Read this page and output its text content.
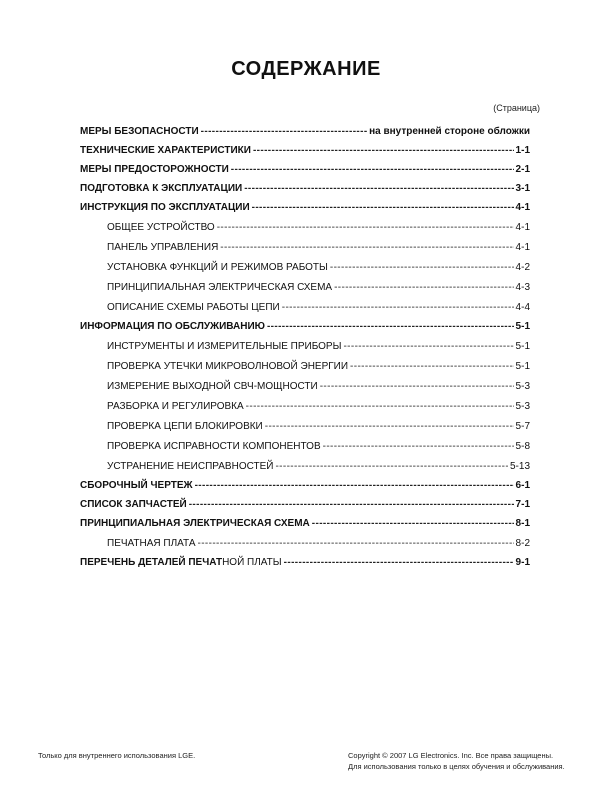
СОДЕРЖАНИЕ
(Страница)
МЕРЫ БЕЗОПАСНОСТИ - - -	на внутренней стороне обложки
ТЕХНИЧЕСКИЕ ХАРАКТЕРИСТИКИ - - -	1-1
МЕРЫ ПРЕДОСТОРОЖНОСТИ - - -	2-1
ПОДГОТОВКА К ЭКСПЛУАТАЦИИ - - -	3-1
ИНСТРУКЦИЯ ПО ЭКСПЛУАТАЦИИ - - -	4-1
ОБЩЕЕ УСТРОЙСТВО - - -	4-1
ПАНЕЛЬ УПРАВЛЕНИЯ - - -	4-1
УСТАНОВКА ФУНКЦИЙ И РЕЖИМОВ РАБОТЫ - - -	4-2
ПРИНЦИПИАЛЬНАЯ ЭЛЕКТРИЧЕСКАЯ СХЕМА - - -	4-3
ОПИСАНИЕ СХЕМЫ РАБОТЫ ЦЕПИ - - -	4-4
ИНФОРМАЦИЯ ПО ОБСЛУЖИВАНИЮ - - -	5-1
ИНСТРУМЕНТЫ И ИЗМЕРИТЕЛЬНЫЕ ПРИБОРЫ - - -	5-1
ПРОВЕРКА УТЕЧКИ МИКРОВОЛНОВОЙ ЭНЕРГИИ - - -	5-1
ИЗМЕРЕНИЕ ВЫХОДНОЙ СВЧ-МОЩНОСТИ - - -	5-3
РАЗБОРКА И РЕГУЛИРОВКА - - -	5-3
ПРОВЕРКА ЦЕПИ БЛОКИРОВКИ - - -	5-7
ПРОВЕРКА ИСПРАВНОСТИ КОМПОНЕНТОВ - - -	5-8
УСТРАНЕНИЕ НЕИСПРАВНОСТЕЙ - - -	5-13
СБОРОЧНЫЙ ЧЕРТЕЖ - - -	6-1
СПИСОК ЗАПЧАСТЕЙ - - -	7-1
ПРИНЦИПИАЛЬНАЯ ЭЛЕКТРИЧЕСКАЯ СХЕМА - - -	8-1
ПЕЧАТНАЯ ПЛАТА - - -	8-2
ПЕРЕЧЕНЬ ДЕТАЛЕЙ ПЕЧАТНОЙ ПЛАТЫ - - -	9-1
Только для внутреннего использования LGE.	Copyright © 2007 LG Electronics. Inc. Все права защищены.
Для использования только в целях обучения и обслуживания.
